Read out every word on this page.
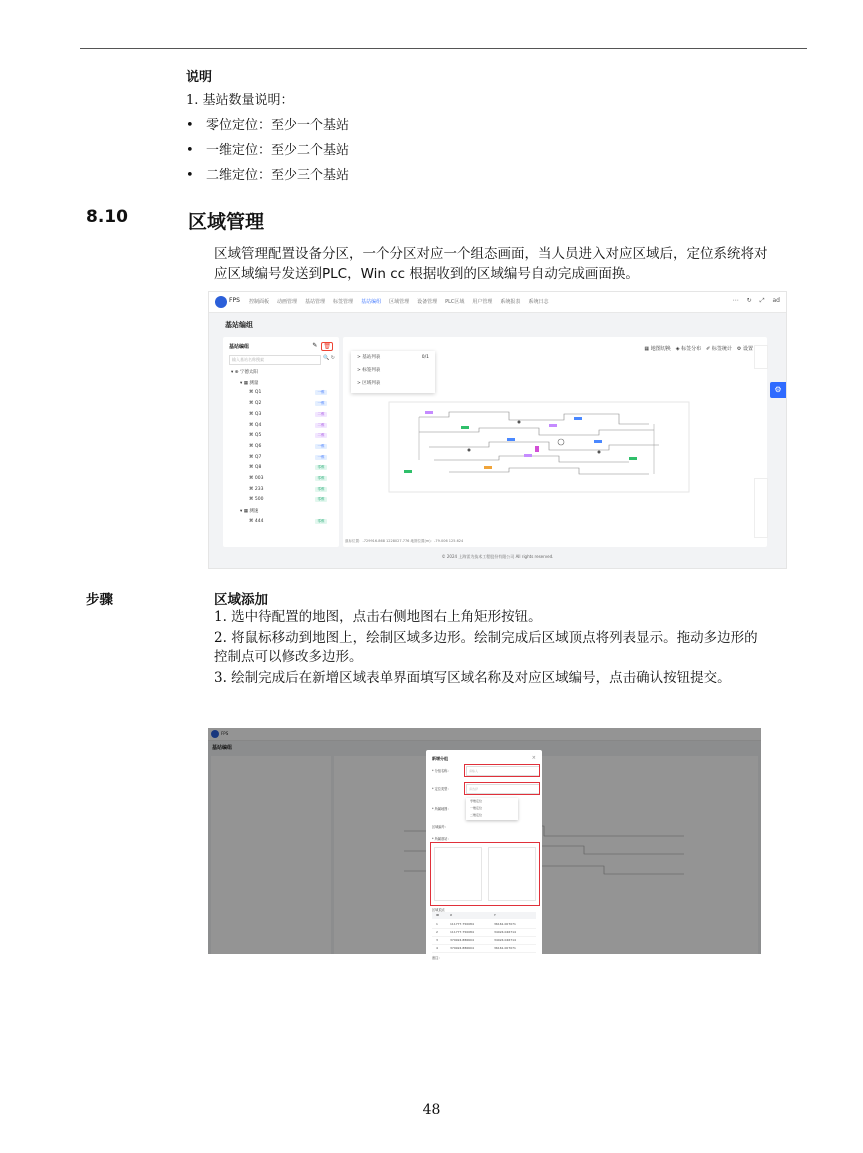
说明
1. 基站数量说明：
• 零位定位：至少一个基站
• 一维定位：至少二个基站
• 二维定位：至少三个基站
8.10	区域管理
区域管理配置设备分区，一个分区对应一个组态画面，当人员进入对应区域后，定位系统将对应区域编号发送到PLC，Win cc 根据收到的区域编号自动完成画面换。
FPS 控制面板 动画管理 基站管理 标签管理 基站编组 区域管理 设备管理 PLC区域 用户管理 系统报表 系统日志	⋯ ↻ ⤢ ad
基站编组
基站编组	✎	🗑
输入基站名称搜索	🔍 ↻
▾ ⊕ 宁德太阳
▾ ▦ 测量
⌘ Q1	一维
⌘ Q2	一维
⌘ Q3	二维
⌘ Q4	二维
⌘ Q5	二维
⌘ Q6	一维
⌘ Q7	一维
⌘ Q8	零维
⌘ 003	零维
⌘ 233	零维
⌘ 500	零维
▾ ▦ 测速
⌘ 444	零维
▦ 地图切换 ◈ 标签分布 ✐ 标签统计 ⚙ 设置
> 基站列表	0/1
> 标签列表
> 区域列表
鼠标位置：-729916.868 1228027.776 地图位置(m)：-79.006 125.624
⚙
© 2024 上海雷为技术工程股份有限公司 All rights reserved.
步骤	区域添加

1. 选中待配置的地图，点击右侧地图右上角矩形按钮。

2. 将鼠标移动到地图上，绘制区域多边形。绘制完成后区域顶点将列表显示。拖动多边形的控制点可以修改多边形。

3. 绘制完成后在新增区域表单界面填写区域名称及对应区域编号，点击确认按钮提交。

FPS
基站编组
新增分组	×
* 分组名称：	请输入
* 定位类型：	请选择
零维定位
一维定位
二维定位
* 所属地图：
区域编号：
* 所属基站：
区域顶点
ID	X	Y
1	111777.750084	36161.007071
2	111777.750084	34024.046714
3	379924.886604	34024.046714
4	379924.886604	36161.007071
备注：
48
